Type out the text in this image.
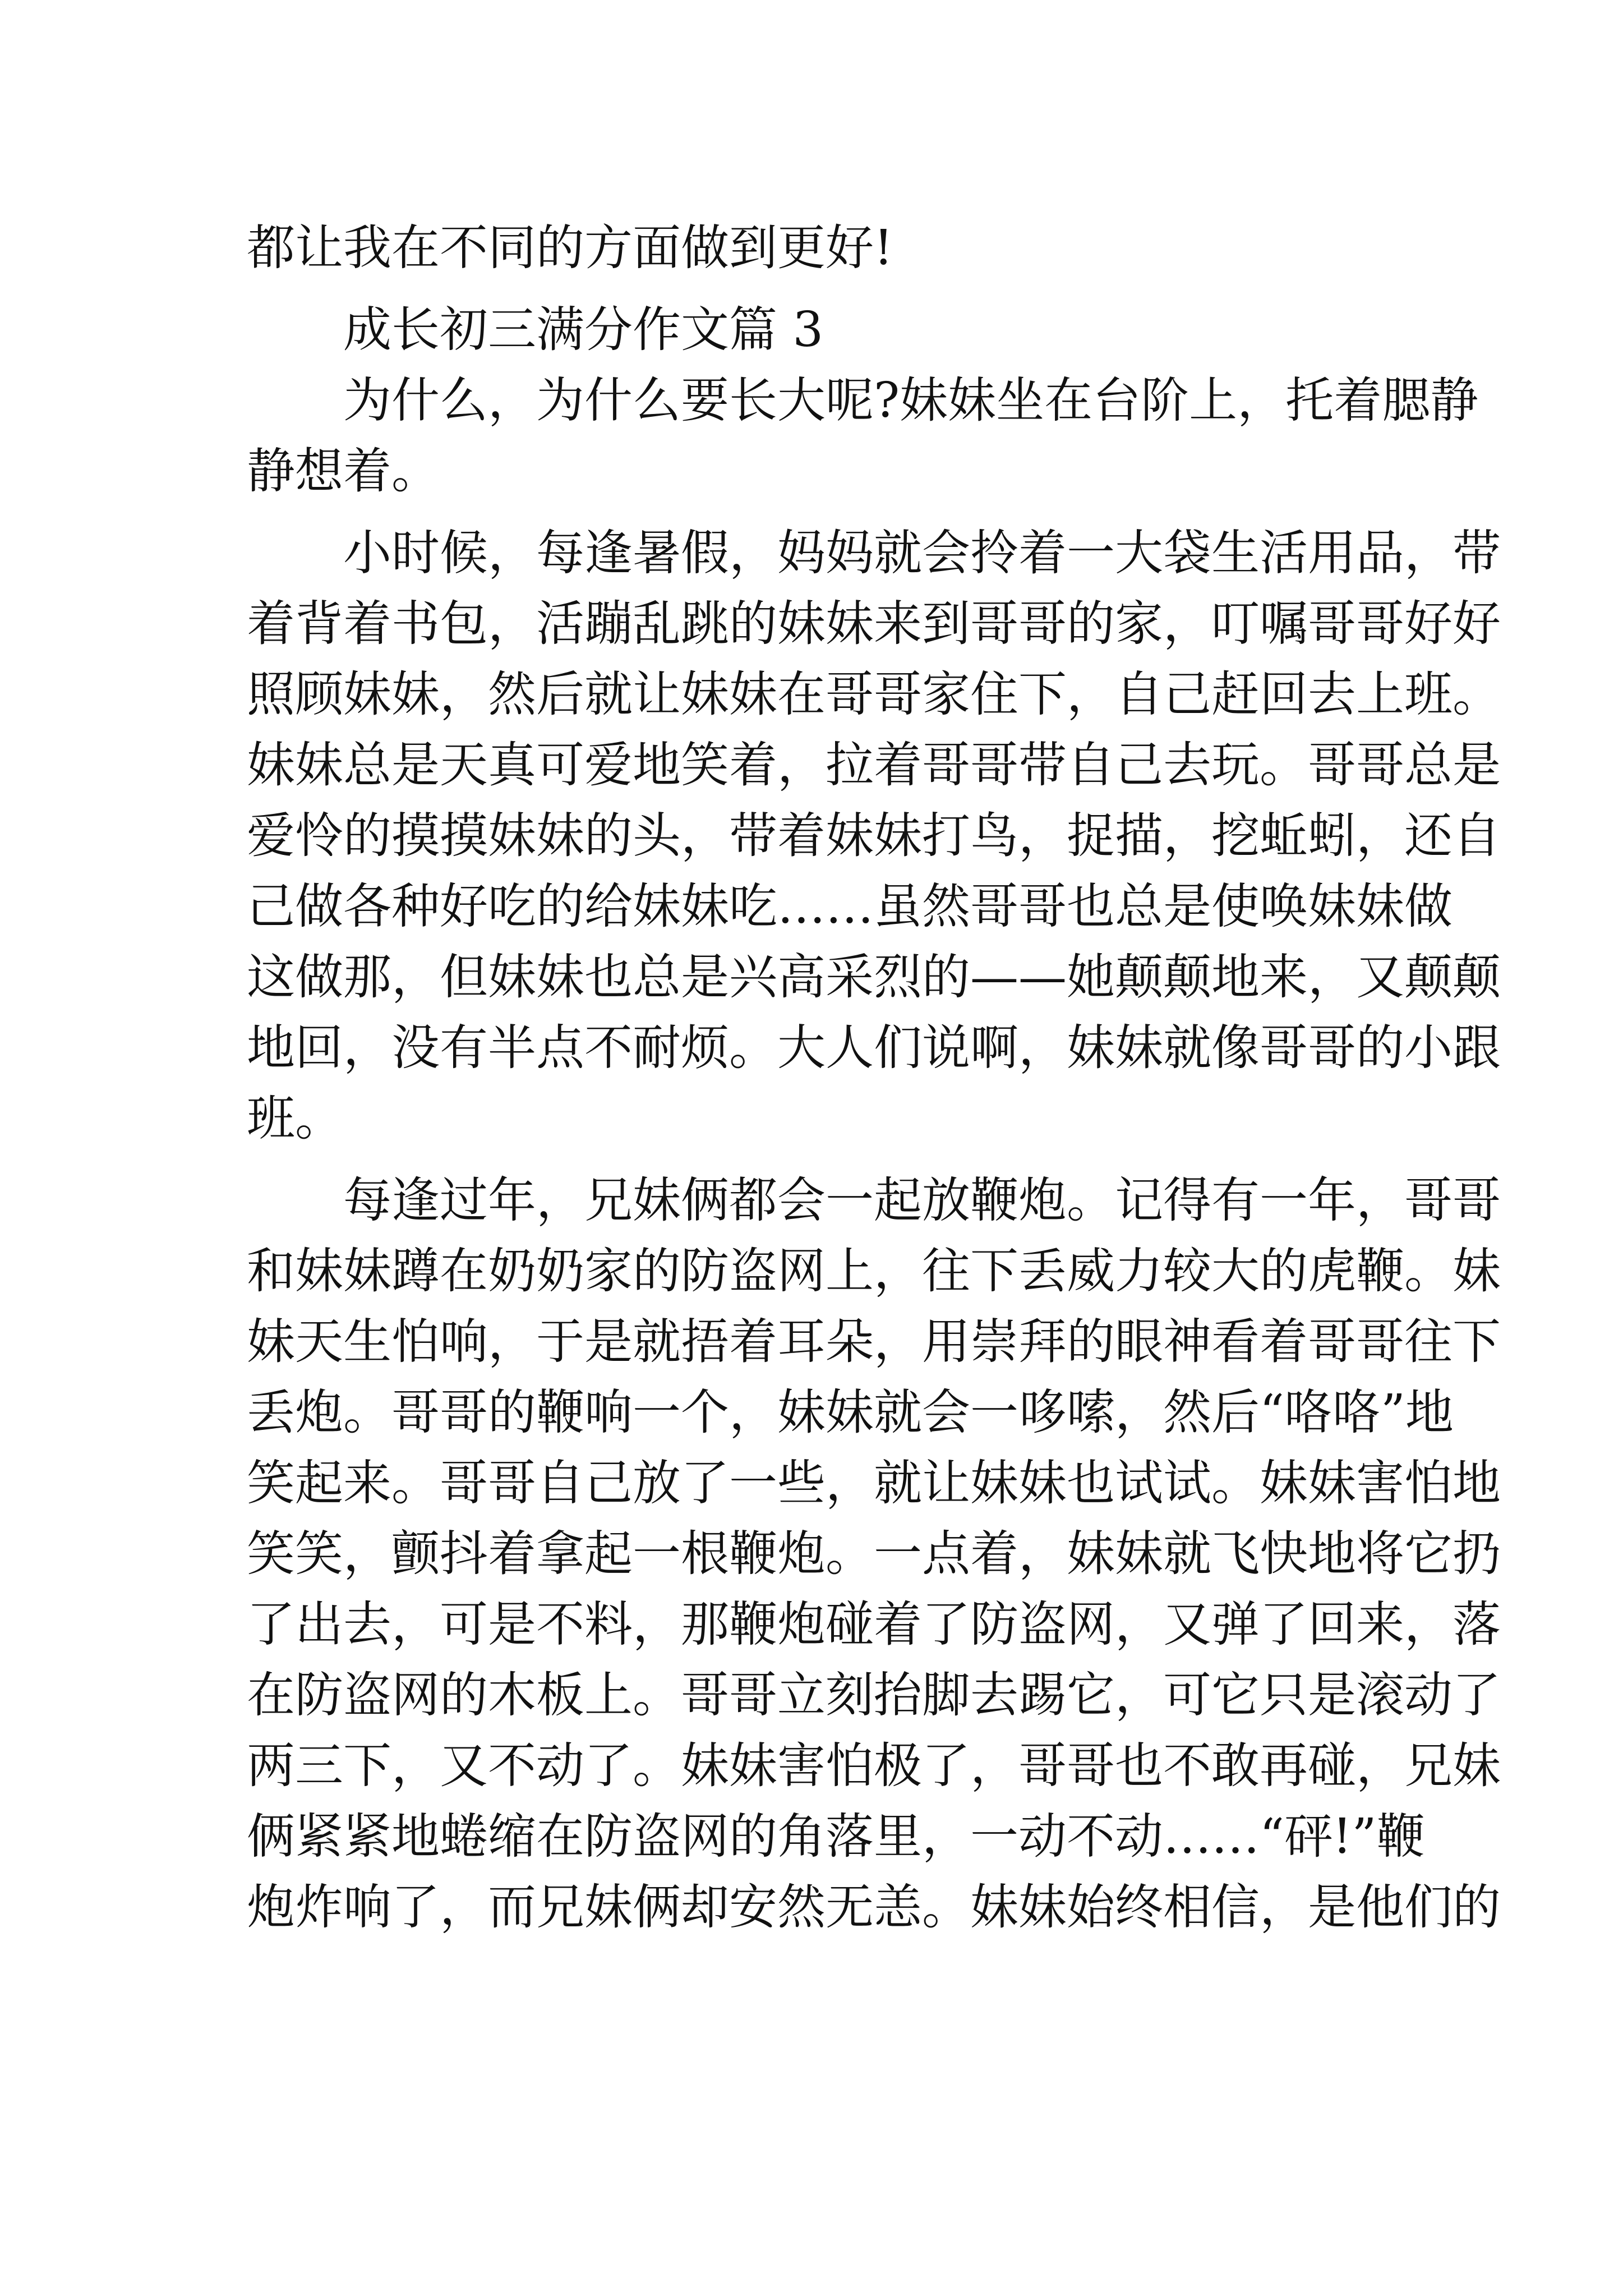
都让我在不同的方面做到更好!

成长初三满分作文篇 3

为什么，为什么要长大呢?妹妹坐在台阶上，托着腮静

静想着。

小时候，每逢暑假，妈妈就会拎着一大袋生活用品，带

着背着书包，活蹦乱跳的妹妹来到哥哥的家，叮嘱哥哥好好

照顾妹妹，然后就让妹妹在哥哥家住下，自己赶回去上班。

妹妹总是天真可爱地笑着，拉着哥哥带自己去玩。哥哥总是

爱怜的摸摸妹妹的头，带着妹妹打鸟，捉描，挖蚯蚓，还自

己做各种好吃的给妹妹吃……虽然哥哥也总是使唤妹妹做

这做那，但妹妹也总是兴高采烈的——她颠颠地来，又颠颠

地回，没有半点不耐烦。大人们说啊，妹妹就像哥哥的小跟

班。

每逢过年，兄妹俩都会一起放鞭炮。记得有一年，哥哥

和妹妹蹲在奶奶家的防盗网上，往下丢威力较大的虎鞭。妹

妹天生怕响，于是就捂着耳朵，用崇拜的眼神看着哥哥往下

丢炮。哥哥的鞭响一个，妹妹就会一哆嗦，然后“咯咯”地

笑起来。哥哥自己放了一些，就让妹妹也试试。妹妹害怕地

笑笑，颤抖着拿起一根鞭炮。一点着，妹妹就飞快地将它扔

了出去，可是不料，那鞭炮碰着了防盗网，又弹了回来，落

在防盗网的木板上。哥哥立刻抬脚去踢它，可它只是滚动了

两三下，又不动了。妹妹害怕极了，哥哥也不敢再碰，兄妹

俩紧紧地蜷缩在防盗网的角落里，一动不动……“砰!”鞭

炮炸响了，而兄妹俩却安然无恙。妹妹始终相信，是他们的
